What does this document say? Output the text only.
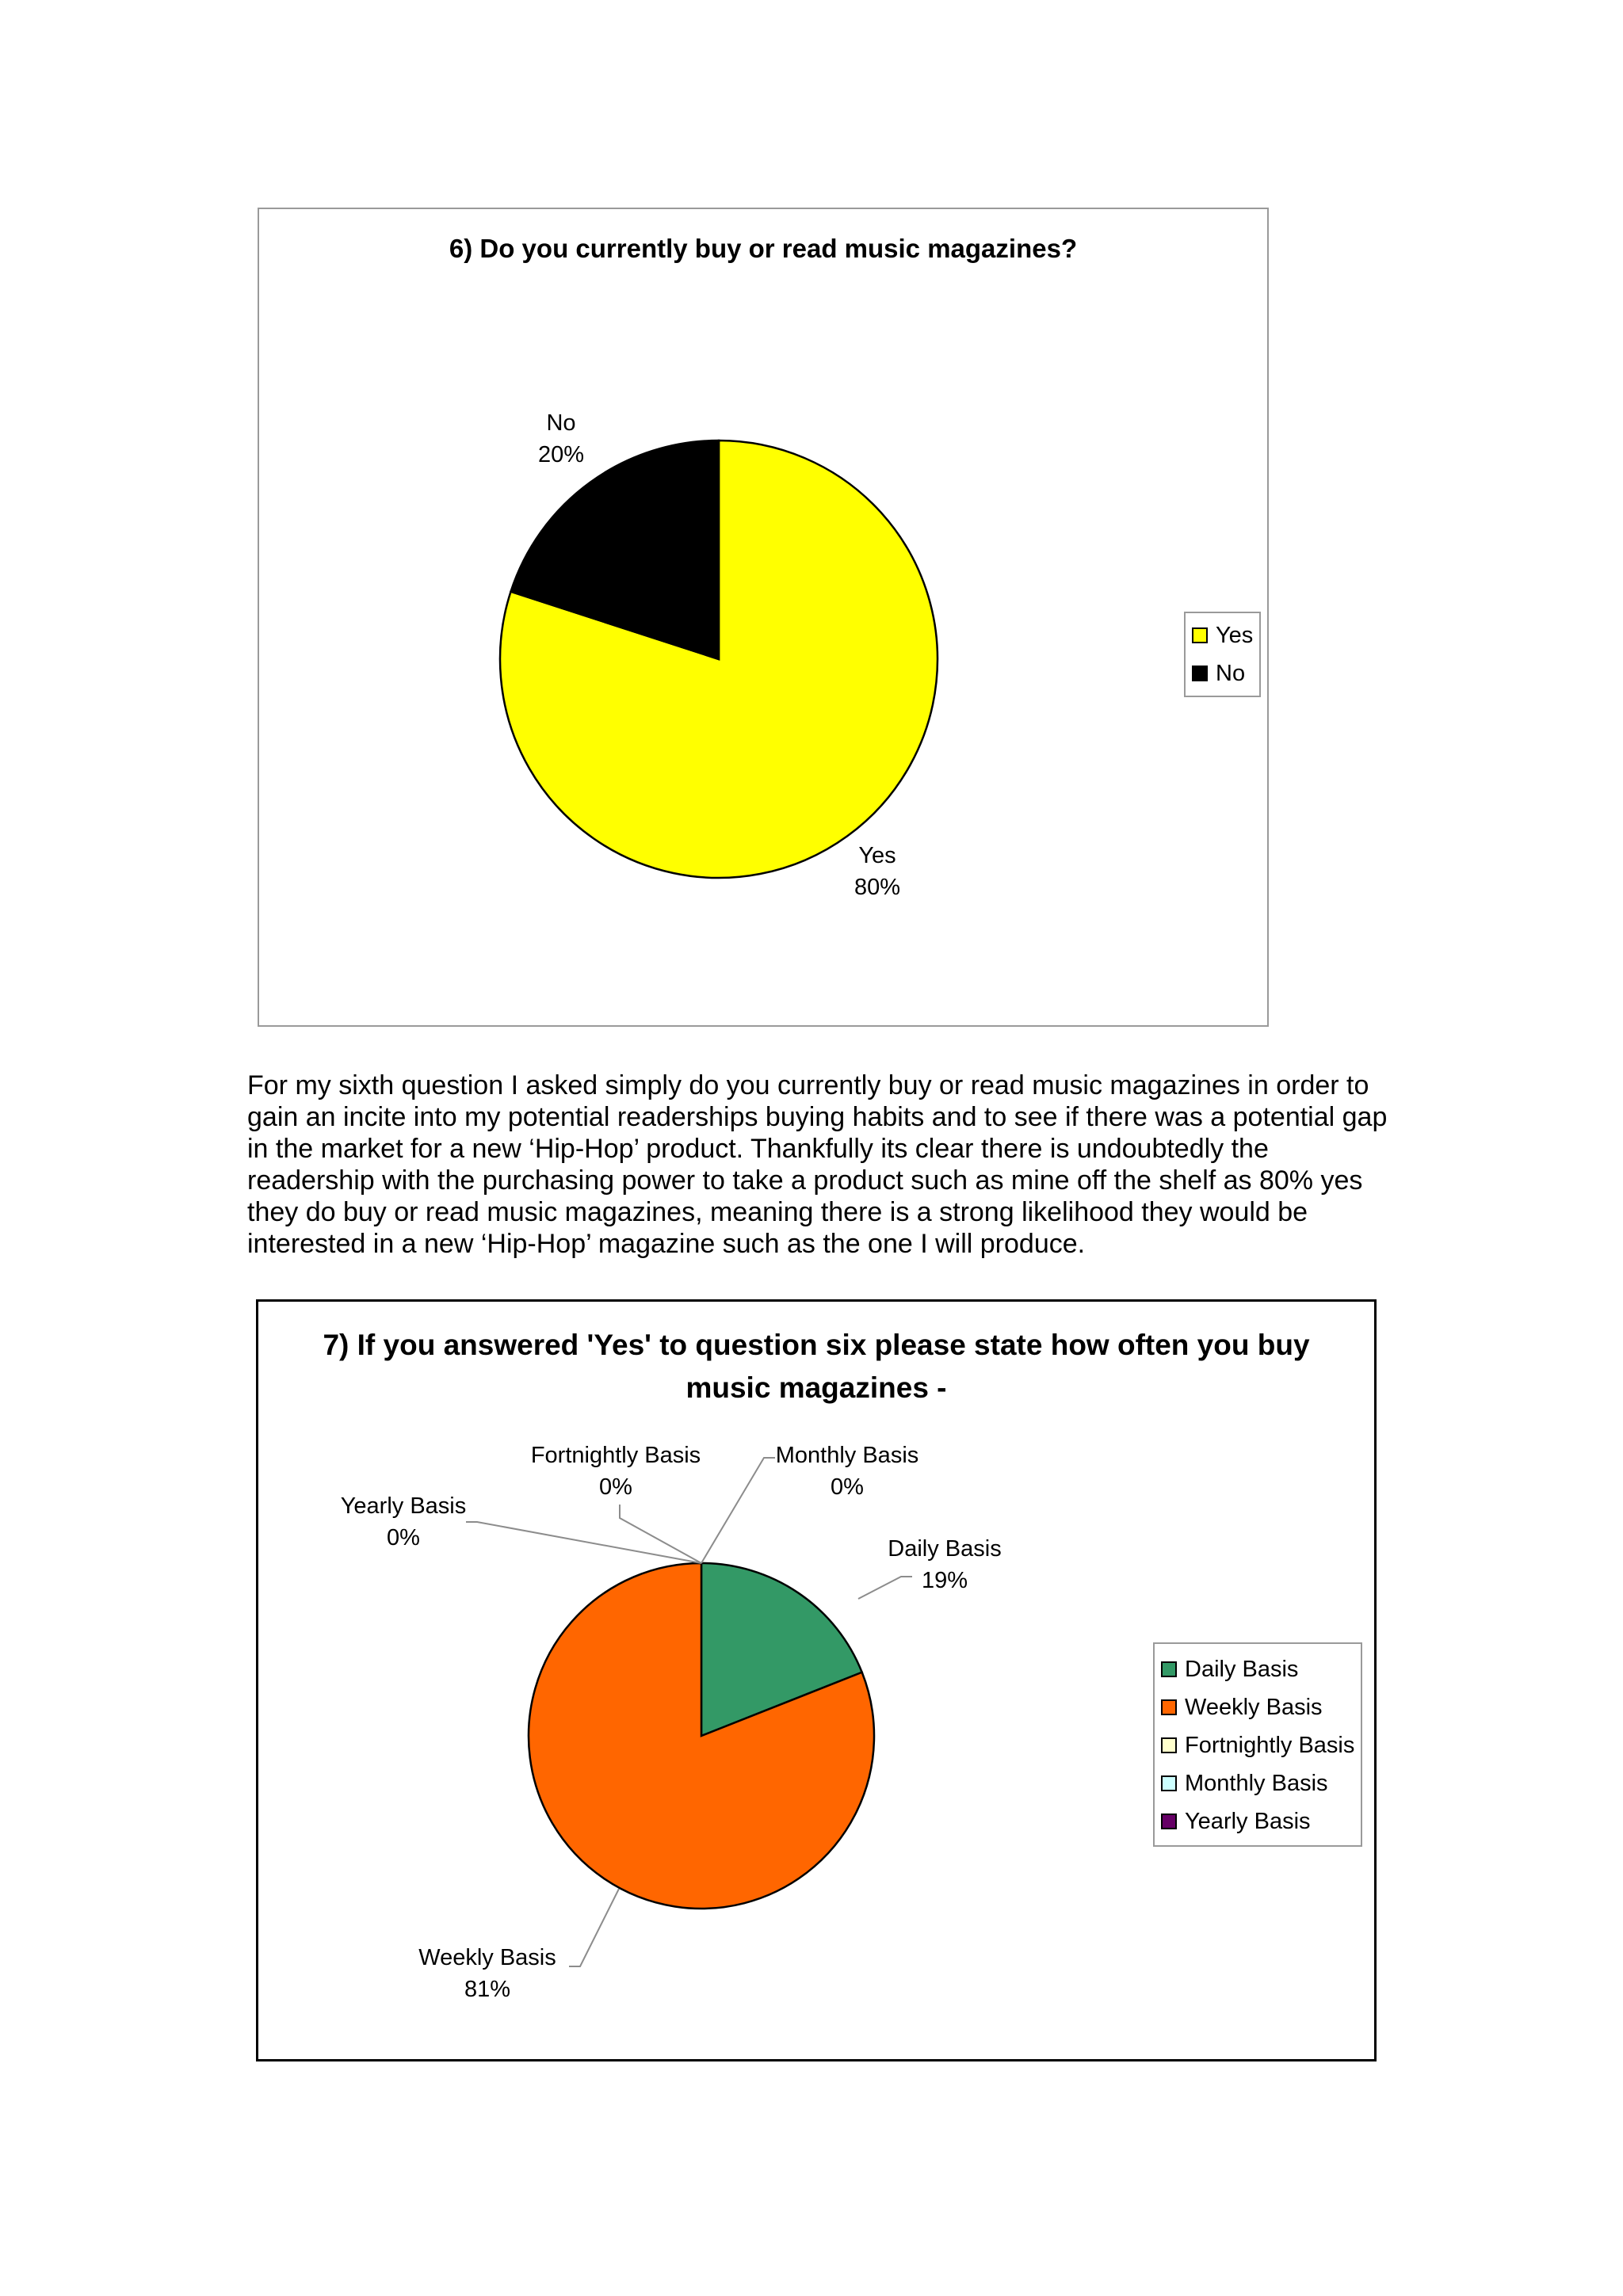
6) Do you currently buy or read music magazines?
No
20%
Yes
80%
Yes
No

For my sixth question I asked simply do you currently buy or read music magazines in order to gain an incite into my potential readerships buying habits and to see if there was a potential gap in the market for a new ‘Hip-Hop’ product. Thankfully its clear there is undoubtedly the readership with the purchasing power to take a product such as mine off the shelf as 80% yes they do buy or read music magazines, meaning there is a strong likelihood they would be interested in a new ‘Hip-Hop’ magazine such as the one I will produce.

7) If you answered 'Yes' to question six please state how often you buy music magazines -
Fortnightly Basis
0%
Monthly Basis
0%
Yearly Basis
0%	Daily Basis
19%
Weekly Basis
81%
Daily Basis
Weekly Basis
Fortnightly Basis
Monthly Basis
Yearly Basis
